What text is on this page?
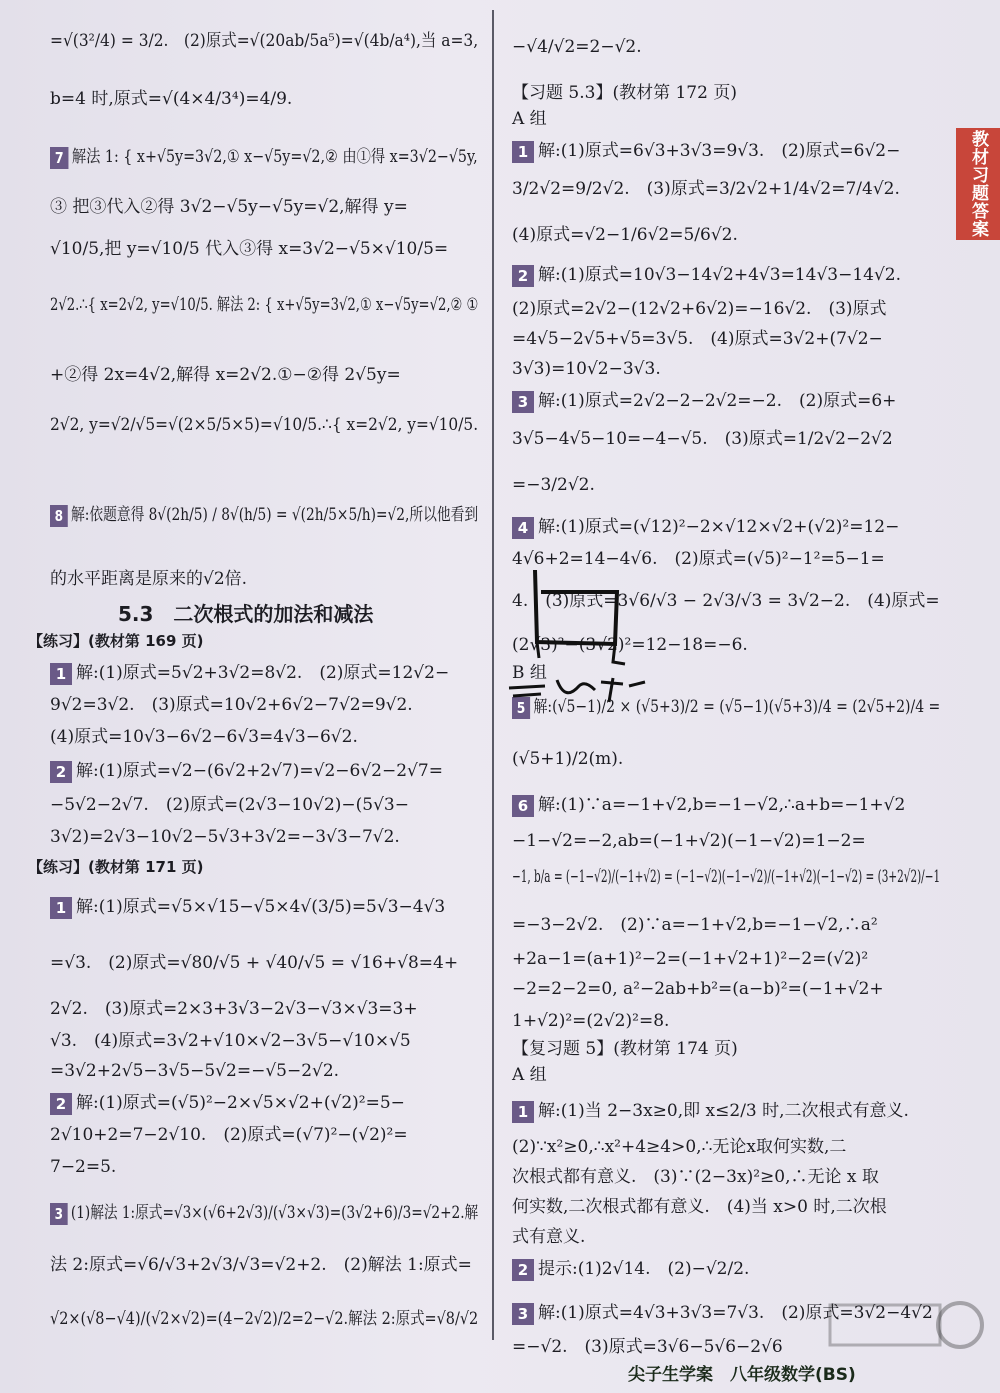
教材习题答案
=√(3²/4) = 3/2.　(2)原式=√(20ab/5a⁵)=√(4b/a⁴),当 a=3,
b=4 时,原式=√(4×4/3⁴)=4/9.
7 解法 1: { x+√5y=3√2,① x−√5y=√2,② 由①得 x=3√2−√5y,
③ 把③代入②得 3√2−√5y−√5y=√2,解得 y=
√10/5,把 y=√10/5 代入③得 x=3√2−√5×√10/5=
2√2.∴{ x=2√2, y=√10/5. 解法 2: { x+√5y=3√2,① x−√5y=√2,② ①
+②得 2x=4√2,解得 x=2√2.①−②得 2√5y=
2√2, y=√2/√5=√(2×5/5×5)=√10/5.∴{ x=2√2, y=√10/5.
8 解:依题意得 8√(2h/5) / 8√(h/5) = √(2h/5×5/h)=√2,所以他看到
的水平距离是原来的√2倍.
5.3　二次根式的加法和减法
【练习】(教材第 169 页)
1 解:(1)原式=5√2+3√2=8√2.　(2)原式=12√2−
9√2=3√2.　(3)原式=10√2+6√2−7√2=9√2.
(4)原式=10√3−6√2−6√3=4√3−6√2.
2 解:(1)原式=√2−(6√2+2√7)=√2−6√2−2√7=
−5√2−2√7.　(2)原式=(2√3−10√2)−(5√3−
3√2)=2√3−10√2−5√3+3√2=−3√3−7√2.
【练习】(教材第 171 页)
1 解:(1)原式=√5×√15−√5×4√(3/5)=5√3−4√3
=√3.　(2)原式=√80/√5 + √40/√5 = √16+√8=4+
2√2.　(3)原式=2×3+3√3−2√3−√3×√3=3+
√3.　(4)原式=3√2+√10×√2−3√5−√10×√5
=3√2+2√5−3√5−5√2=−√5−2√2.
2 解:(1)原式=(√5)²−2×√5×√2+(√2)²=5−
2√10+2=7−2√10.　(2)原式=(√7)²−(√2)²=
7−2=5.
3 (1)解法 1:原式=√3×(√6+2√3)/(√3×√3)=(3√2+6)/3=√2+2.解
法 2:原式=√6/√3+2√3/√3=√2+2.　(2)解法 1:原式=
√2×(√8−√4)/(√2×√2)=(4−2√2)/2=2−√2.解法 2:原式=√8/√2
−√4/√2=2−√2.
【习题 5.3】(教材第 172 页)
A 组
1 解:(1)原式=6√3+3√3=9√3.　(2)原式=6√2−
3/2√2=9/2√2.　(3)原式=3/2√2+1/4√2=7/4√2.
(4)原式=√2−1/6√2=5/6√2.
2 解:(1)原式=10√3−14√2+4√3=14√3−14√2.
(2)原式=2√2−(12√2+6√2)=−16√2.　(3)原式
=4√5−2√5+√5=3√5.　(4)原式=3√2+(7√2−
3√3)=10√2−3√3.
3 解:(1)原式=2√2−2−2√2=−2.　(2)原式=6+
3√5−4√5−10=−4−√5.　(3)原式=1/2√2−2√2
=−3/2√2.
4 解:(1)原式=(√12)²−2×√12×√2+(√2)²=12−
4√6+2=14−4√6.　(2)原式=(√5)²−1²=5−1=
4.　(3)原式=3√6/√3 − 2√3/√3 = 3√2−2.　(4)原式=
(2√3)²−(3√2)²=12−18=−6.
B 组
5 解:(√5−1)/2 × (√5+3)/2 = (√5−1)(√5+3)/4 = (2√5+2)/4 =
(√5+1)/2(m).
6 解:(1)∵a=−1+√2,b=−1−√2,∴a+b=−1+√2
−1−√2=−2,ab=(−1+√2)(−1−√2)=1−2=
−1, b/a = (−1−√2)/(−1+√2) = (−1−√2)(−1−√2)/(−1+√2)(−1−√2) = (3+2√2)/−1
=−3−2√2.　(2)∵a=−1+√2,b=−1−√2,∴a²
+2a−1=(a+1)²−2=(−1+√2+1)²−2=(√2)²
−2=2−2=0, a²−2ab+b²=(a−b)²=(−1+√2+
1+√2)²=(2√2)²=8.
【复习题 5】(教材第 174 页)
A 组
1 解:(1)当 2−3x≥0,即 x≤2/3 时,二次根式有意义.
(2)∵x²≥0,∴x²+4≥4>0,∴无论x取何实数,二
次根式都有意义.　(3)∵(2−3x)²≥0,∴无论 x 取
何实数,二次根式都有意义.　(4)当 x>0 时,二次根
式有意义.
2 提示:(1)2√14.　(2)−√2/2.
3 解:(1)原式=4√3+3√3=7√3.　(2)原式=3√2−4√2
=−√2.　(3)原式=3√6−5√6−2√6
尖子生学案　八年级数学(BS)
